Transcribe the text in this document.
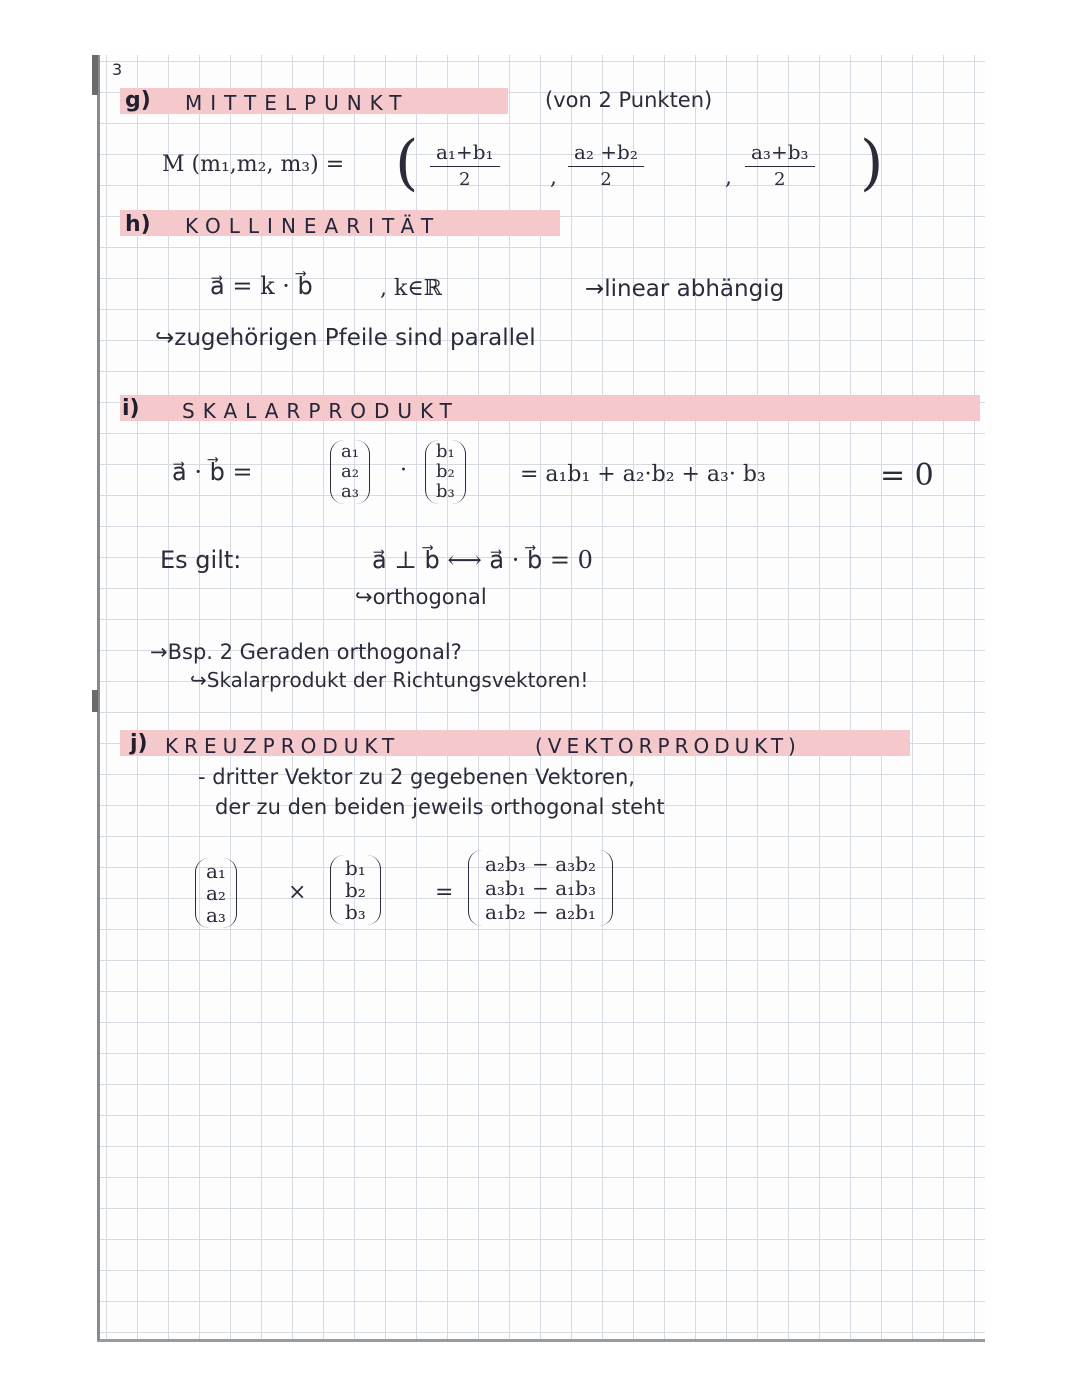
3
g) MITTELPUNKT	(von 2 Punkten)
M (m₁,m₂, m₃) = ( $\frac{\text{a₁+b₁}}{2}$ , $\frac{\text{a₂ +b₂}}{2}$	, $\frac{\text{a₃+b₃}}{2}$ )
h) KOLLINEARITÄT
a⃗ = k · b⃗	, k∈ℝ	→linear abhängig
↪zugehörigen Pfeile sind parallel
i) SKALARPRODUKT
a⃗ · b⃗ =
a₁
a₂
a₃
·
b₁
b₂
b₃
= a₁b₁ + a₂·b₂ + a₃· b₃	= 0
Es gilt:	a⃗ ⊥ b⃗ ⟷ a⃗ · b⃗ = 0
↪orthogonal
→Bsp. 2 Geraden orthogonal?
↪Skalarprodukt der Richtungsvektoren!
j) KREUZPRODUKT	(VEKTORPRODUKT)
- dritter Vektor zu 2 gegebenen Vektoren,
der zu den beiden jeweils orthogonal steht
a₁
a₂
a₃
×
b₁
b₂
b₃
=
a₂b₃ − a₃b₂
a₃b₁ − a₁b₃
a₁b₂ − a₂b₁
